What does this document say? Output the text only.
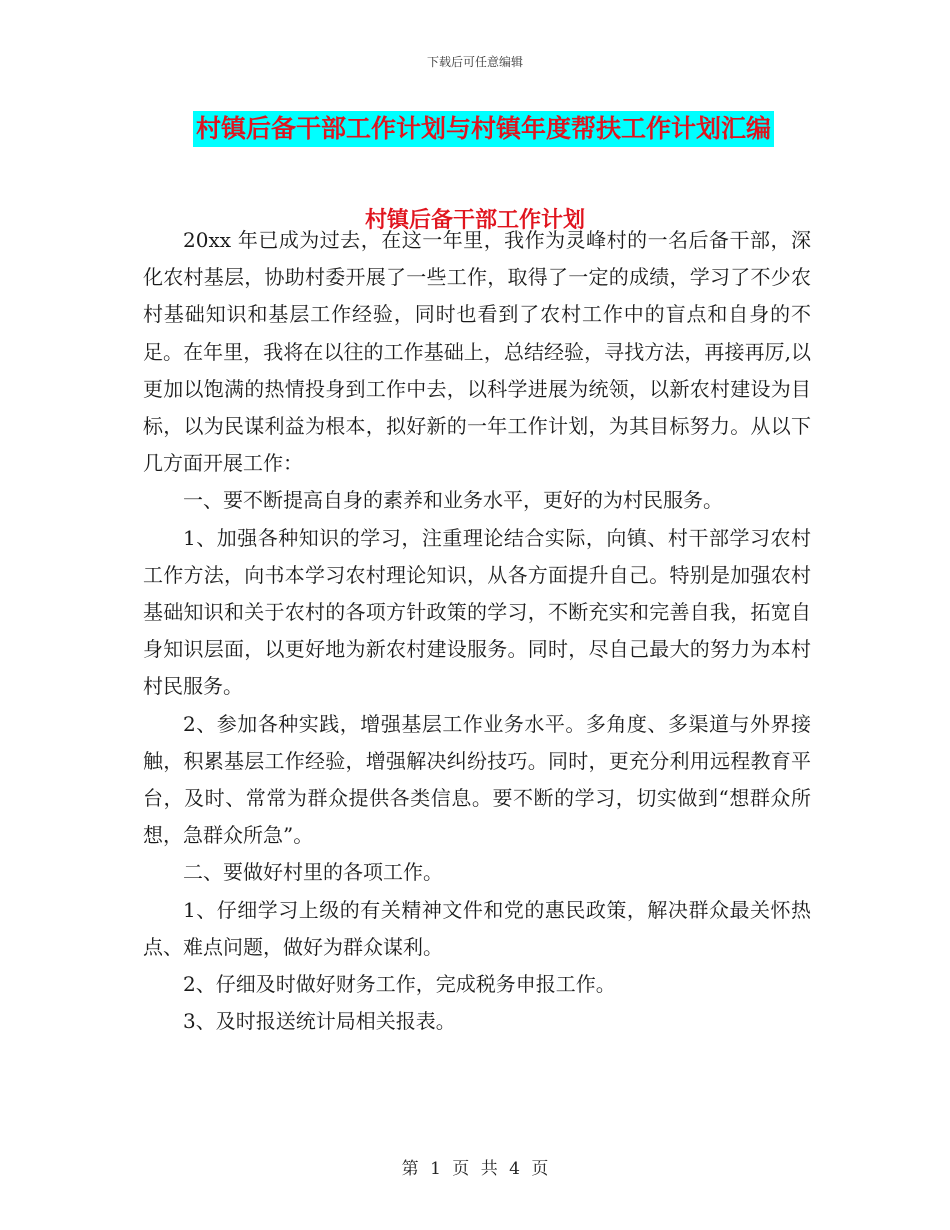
下载后可任意编辑
村镇后备干部工作计划与村镇年度帮扶工作计划汇编
村镇后备干部工作计划

20xx 年已成为过去，在这一年里，我作为灵峰村的一名后备干部，深化农村基层，协助村委开展了一些工作，取得了一定的成绩，学习了不少农村基础知识和基层工作经验，同时也看到了农村工作中的盲点和自身的不足。在年里，我将在以往的工作基础上，总结经验，寻找方法，再接再厉,以更加以饱满的热情投身到工作中去，以科学进展为统领，以新农村建设为目标，以为民谋利益为根本，拟好新的一年工作计划，为其目标努力。从以下几方面开展工作：

一、要不断提高自身的素养和业务水平，更好的为村民服务。

1、加强各种知识的学习，注重理论结合实际，向镇、村干部学习农村工作方法，向书本学习农村理论知识，从各方面提升自己。特别是加强农村基础知识和关于农村的各项方针政策的学习，不断充实和完善自我，拓宽自身知识层面，以更好地为新农村建设服务。同时，尽自己最大的努力为本村村民服务。

2、参加各种实践，增强基层工作业务水平。多角度、多渠道与外界接触，积累基层工作经验，增强解决纠纷技巧。同时，更充分利用远程教育平台，及时、常常为群众提供各类信息。要不断的学习，切实做到“想群众所想，急群众所急”。

二、要做好村里的各项工作。

1、仔细学习上级的有关精神文件和党的惠民政策，解决群众最关怀热点、难点问题，做好为群众谋利。

2、仔细及时做好财务工作，完成税务申报工作。

3、及时报送统计局相关报表。

第 1 页 共 4 页
